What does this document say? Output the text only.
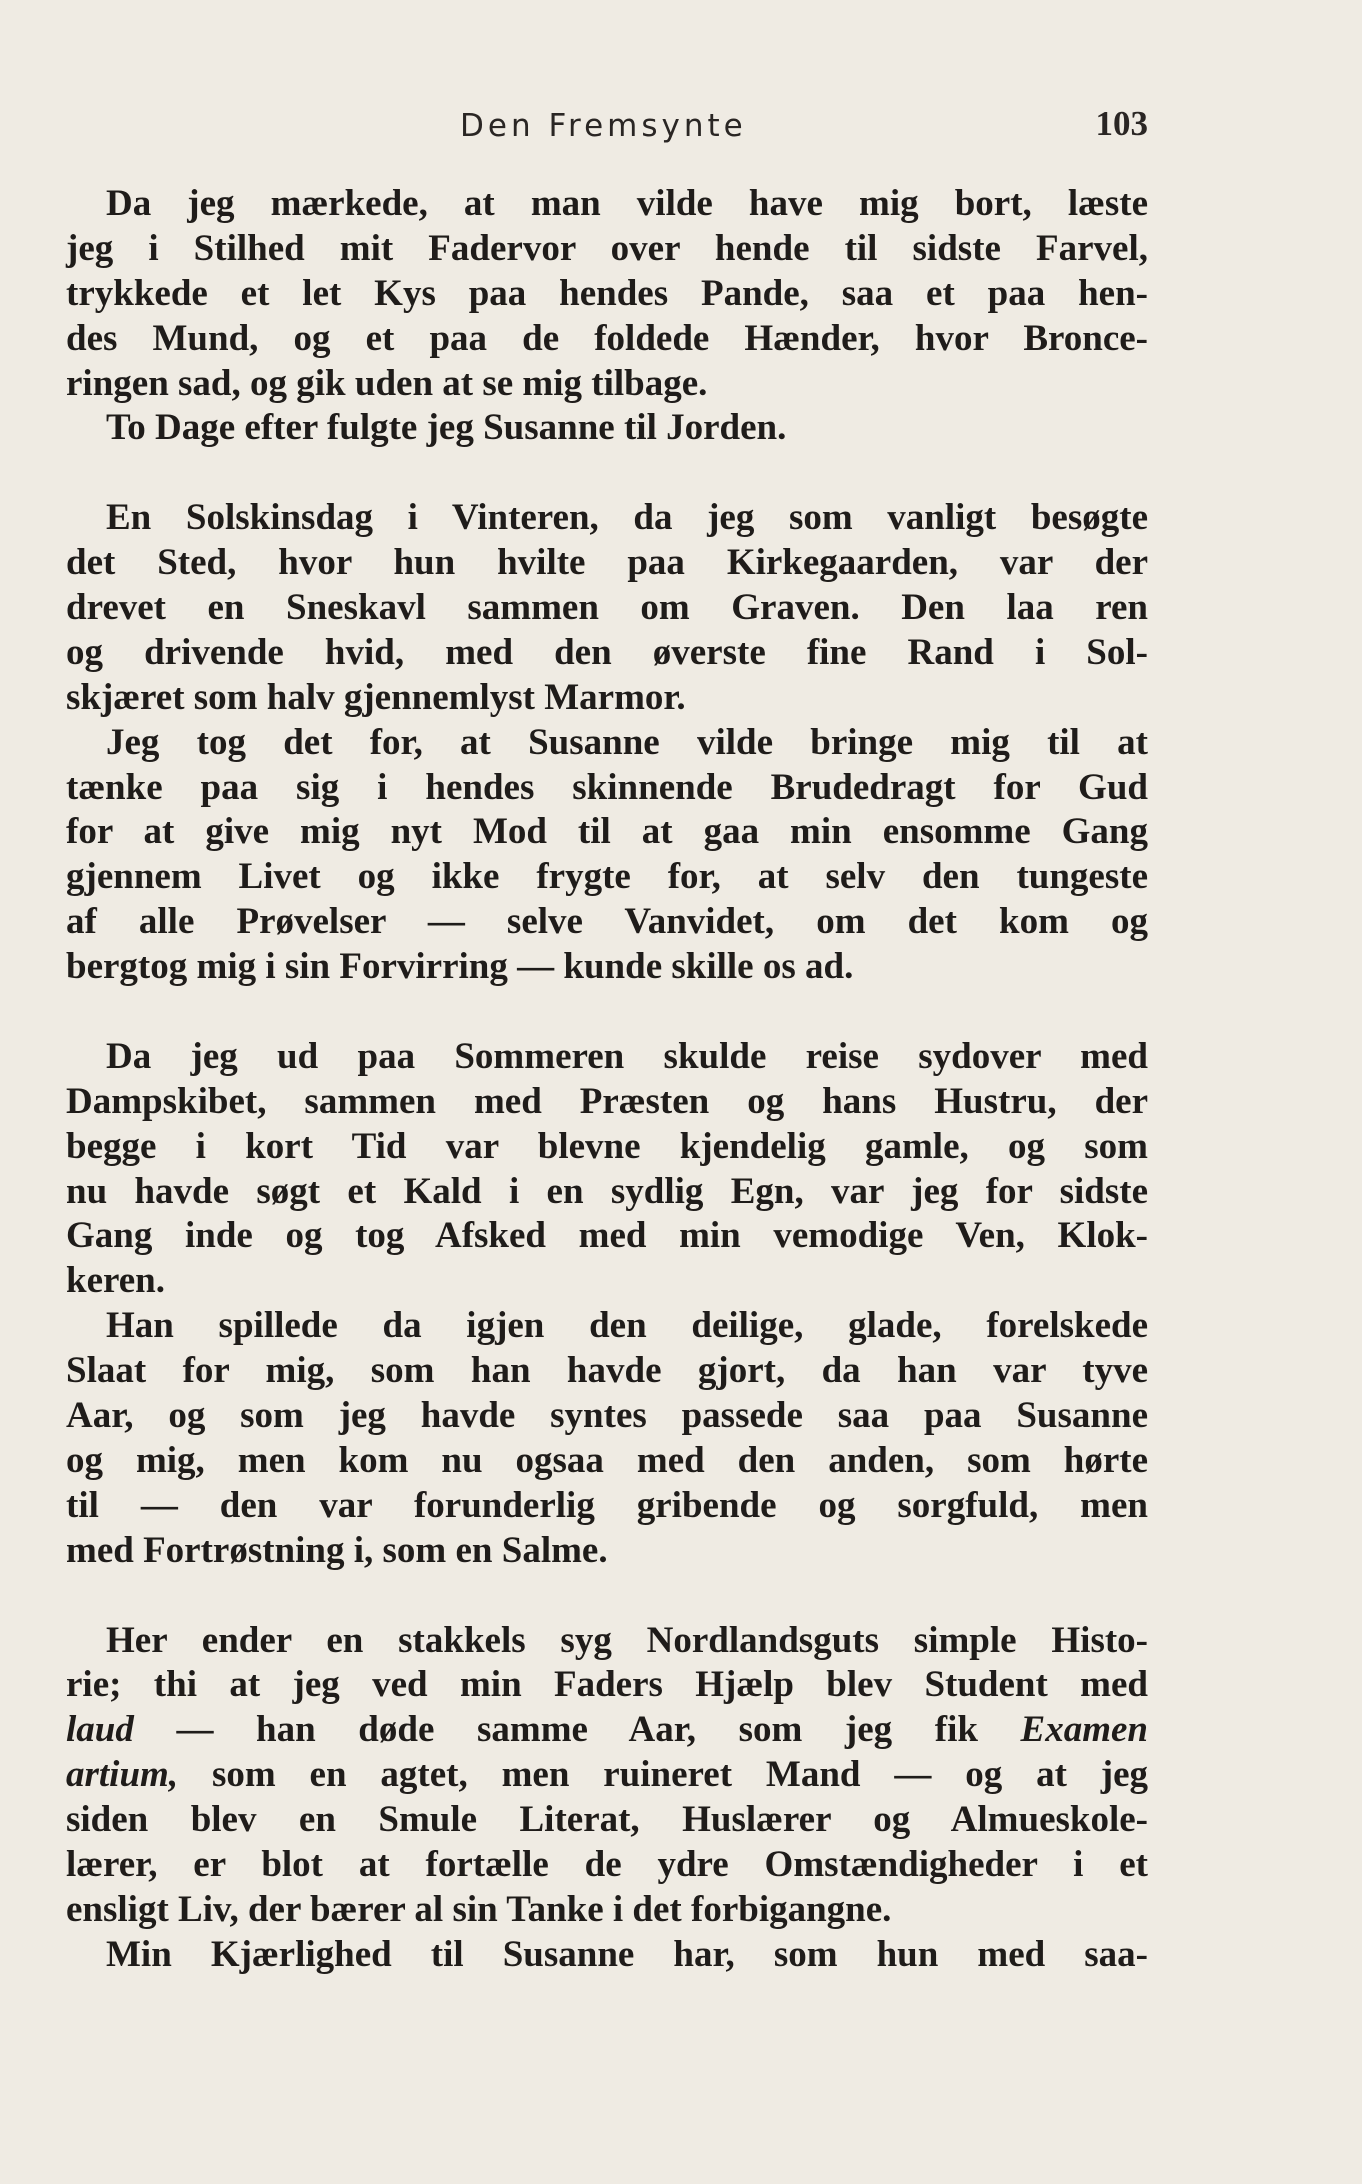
Den Fremsynte	103
Da jeg mærkede, at man vilde have mig bort, læste
jeg i Stilhed mit Fadervor over hende til sidste Farvel,
trykkede et let Kys paa hendes Pande, saa et paa hen-
des Mund, og et paa de foldede Hænder, hvor Bronce-
ringen sad, og gik uden at se mig tilbage.
To Dage efter fulgte jeg Susanne til Jorden.
En Solskinsdag i Vinteren, da jeg som vanligt besøgte
det Sted, hvor hun hvilte paa Kirkegaarden, var der
drevet en Sneskavl sammen om Graven. Den laa ren
og drivende hvid, med den øverste fine Rand i Sol-
skjæret som halv gjennemlyst Marmor.
Jeg tog det for, at Susanne vilde bringe mig til at
tænke paa sig i hendes skinnende Brudedragt for Gud
for at give mig nyt Mod til at gaa min ensomme Gang
gjennem Livet og ikke frygte for, at selv den tungeste
af alle Prøvelser — selve Vanvidet, om det kom og
bergtog mig i sin Forvirring — kunde skille os ad.
Da jeg ud paa Sommeren skulde reise sydover med
Dampskibet, sammen med Præsten og hans Hustru, der
begge i kort Tid var blevne kjendelig gamle, og som
nu havde søgt et Kald i en sydlig Egn, var jeg for sidste
Gang inde og tog Afsked med min vemodige Ven, Klok-
keren.
Han spillede da igjen den deilige, glade, forelskede
Slaat for mig, som han havde gjort, da han var tyve
Aar, og som jeg havde syntes passede saa paa Susanne
og mig, men kom nu ogsaa med den anden, som hørte
til — den var forunderlig gribende og sorgfuld, men
med Fortrøstning i, som en Salme.
Her ender en stakkels syg Nordlandsguts simple Histo-
rie; thi at jeg ved min Faders Hjælp blev Student med
laud — han døde samme Aar, som jeg fik Examen
artium, som en agtet, men ruineret Mand — og at jeg
siden blev en Smule Literat, Huslærer og Almueskole-
lærer, er blot at fortælle de ydre Omstændigheder i et
ensligt Liv, der bærer al sin Tanke i det forbigangne.
Min Kjærlighed til Susanne har, som hun med saa-
